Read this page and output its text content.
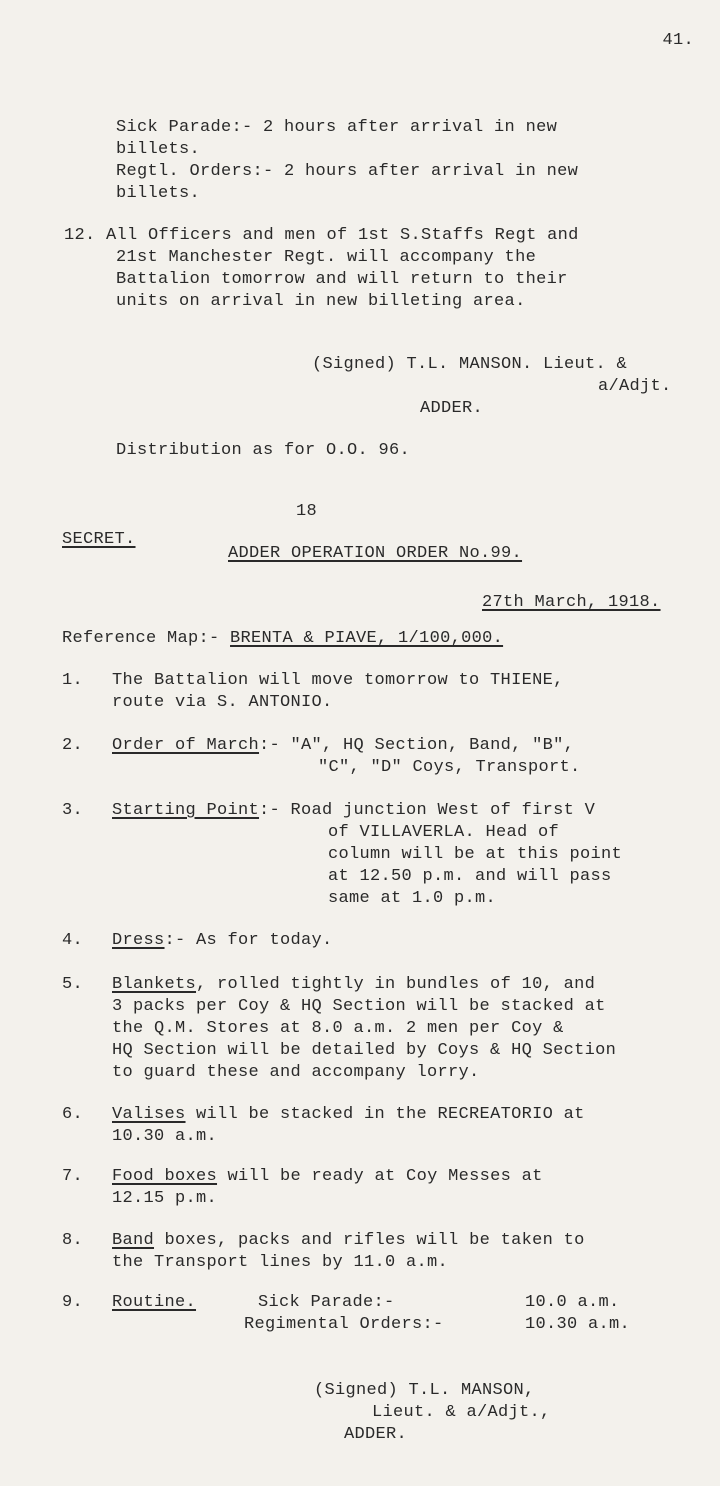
41.
Sick Parade:- 2 hours after arrival in new
billets.
Regtl. Orders:- 2 hours after arrival in new
billets.
12. All Officers and men of 1st S.Staffs Regt and
21st Manchester Regt. will accompany the
Battalion tomorrow and will return to their
units on arrival in new billeting area.
(Signed) T.L. MANSON. Lieut. &
a/Adjt.
ADDER.
Distribution as for O.O. 96.
18
SECRET.
ADDER OPERATION ORDER No.99.
27th March, 1918.
Reference Map:- BRENTA & PIAVE, 1/100,000.
1. The Battalion will move tomorrow to THIENE,
route via S. ANTONIO.
2. Order of March:- "A", HQ Section, Band, "B",
"C", "D" Coys, Transport.
3. Starting Point:- Road junction West of first V
of VILLAVERLA. Head of
column will be at this point
at 12.50 p.m. and will pass
same at 1.0 p.m.
4. Dress:- As for today.
5. Blankets, rolled tightly in bundles of 10, and
3 packs per Coy & HQ Section will be stacked at
the Q.M. Stores at 8.0 a.m. 2 men per Coy &
HQ Section will be detailed by Coys & HQ Section
to guard these and accompany lorry.
6. Valises will be stacked in the RECREATORIO at
10.30 a.m.
7. Food boxes will be ready at Coy Messes at
12.15 p.m.
8. Band boxes, packs and rifles will be taken to
the Transport lines by 11.0 a.m.
9. Routine.	Sick Parade:-	10.0 a.m.
Regimental Orders:-	10.30 a.m.
(Signed) T.L. MANSON,
Lieut. & a/Adjt.,
ADDER.
